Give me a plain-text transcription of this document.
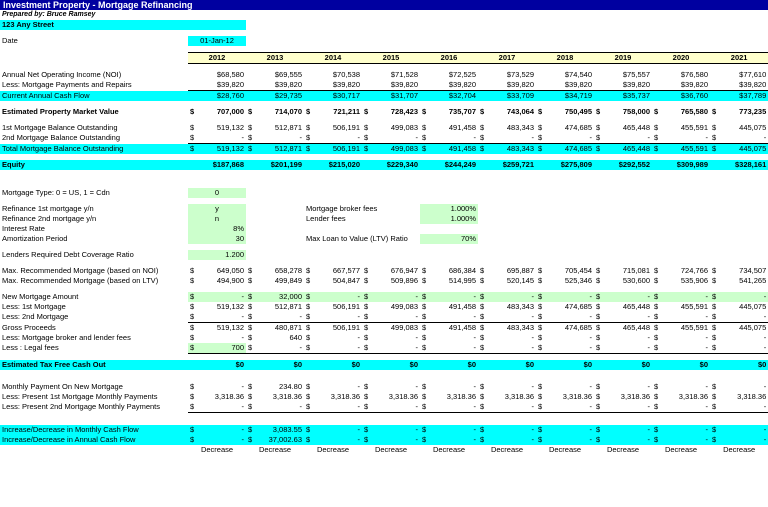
Investment Property - Mortgage Refinancing																				
Prepared by: Bruce Ramsey																				
123 Any Street																				

Date	01-Jan-12																			

	2012		2013		2014		2015		2016		2017		2018		2019		2020		2021	

Annual Net Operating Income (NOI)	$68,580		$69,555		$70,538		$71,528		$72,525		$73,529		$74,540		$75,557		$76,580		$77,610	
Less: Mortgage Payments and Repairs	$39,820		$39,820		$39,820		$39,820		$39,820		$39,820		$39,820		$39,820		$39,820		$39,820	
Current Annual Cash Flow	$28,760		$29,735		$30,717		$31,707		$32,704		$33,709		$34,719		$35,737		$36,760		$37,789	

Estimated Property Market Value	$	707,000	$	714,070	$	721,211	$	728,423	$	735,707	$	743,064	$	750,495	$	758,000	$	765,580	$	773,235

1st Mortgage Balance Outstanding	$	519,132	$	512,871	$	506,191	$	499,083	$	491,458	$	483,343	$	474,685	$	465,448	$	455,591	$	445,075
2nd Mortgage Balance Outstanding	$	-	$	-	$	-	$	-	$	-	$	-	$	-	$	-	$	-	$	-
Total Mortgage Balance Outstanding	$	519,132	$	512,871	$	506,191	$	499,083	$	491,458	$	483,343	$	474,685	$	465,448	$	455,591	$	445,075

Equity	$187,868		$201,199		$215,020		$229,340		$244,249		$259,721		$275,809		$292,552		$309,989		$328,161	

Mortgage Type: 0 = US, 1 = Cdn	0																			

Refinance 1st mortgage y/n	y				Mortgage broker fees				1.000%											
Refinance 2nd mortgage y/n	n				Lender fees				1.000%											
Interest Rate	8%																			
Amortization Period	30				Max Loan to Value (LTV) Ratio				70%											

Lenders Required Debt Coverage Ratio	1.200																			

Max. Recommended Mortgage (based on NOI)	$	649,050	$	658,278	$	667,577	$	676,947	$	686,384	$	695,887	$	705,454	$	715,081	$	724,766	$	734,507
Max. Recommended Mortgage (based on LTV)	$	494,900	$	499,849	$	504,847	$	509,896	$	514,995	$	520,145	$	525,346	$	530,600	$	535,906	$	541,265

New Mortgage Amount	$	-	$	32,000	$	-	$	-	$	-	$	-	$	-	$	-	$	-	$	-
Less: 1st Mortgage	$	519,132	$	512,871	$	506,191	$	499,083	$	491,458	$	483,343	$	474,685	$	465,448	$	455,591	$	445,075
Less: 2nd Mortgage	$	-	$	-	$	-	$	-	$	-	$	-	$	-	$	-	$	-	$	-
Gross Proceeds	$	519,132	$	480,871	$	506,191	$	499,083	$	491,458	$	483,343	$	474,685	$	465,448	$	455,591	$	445,075
Less: Mortgage broker and lender fees	$	-	$	640	$	-	$	-	$	-	$	-	$	-	$	-	$	-	$	-
Less : Legal fees	$	700	$	-	$	-	$	-	$	-	$	-	$	-	$	-	$	-	$	-

Estimated Tax Free Cash Out	$0		$0		$0		$0		$0		$0		$0		$0		$0		$0	

Monthly Payment On New Mortgage	$	-	$	234.80	$	-	$	-	$	-	$	-	$	-	$	-	$	-	$	-
Less: Present 1st Mortgage Monthly Payments	$	3,318.36	$	3,318.36	$	3,318.36	$	3,318.36	$	3,318.36	$	3,318.36	$	3,318.36	$	3,318.36	$	3,318.36	$	3,318.36
Less: Present 2nd Mortgage Monthly Payments	$	-	$	-	$	-	$	-	$	-	$	-	$	-	$	-	$	-	$	-

Increase/Decrease in Monthly Cash Flow	$	-	$	3,083.55	$	-	$	-	$	-	$	-	$	-	$	-	$	-	$	-
Increase/Decrease in Annual Cash Flow	$	-	$	37,002.63	$	-	$	-	$	-	$	-	$	-	$	-	$	-	$	-
	Decrease		Decrease		Decrease		Decrease		Decrease		Decrease		Decrease		Decrease		Decrease		Decrease	
